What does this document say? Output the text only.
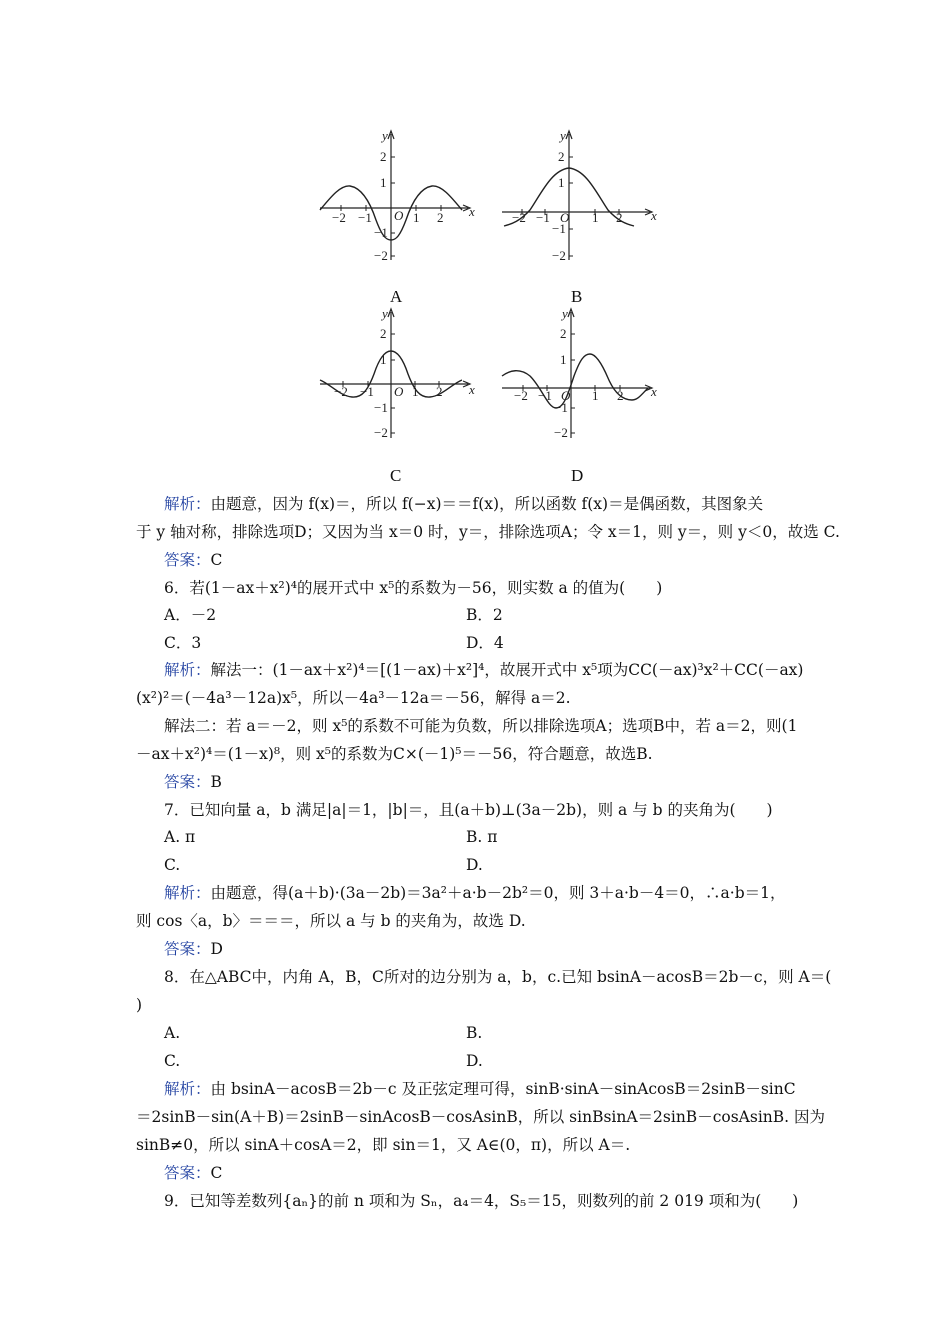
y
x
O
−2 −1	1 2
2
1
−1
−2
A
y
x
O
−2 −1	1 2
2
1
−1
−2
B
y
x
O
−2 −1	1 2
2
1
−1
−2
C
y
x
O
−2 −1	1 2
2
1
−1
−2
D
解析：由题意，因为 f(x)＝，所以 f(−x)＝＝f(x)，所以函数 f(x)＝是偶函数，其图象关
于 y 轴对称，排除选项D；又因为当 x＝0 时，y＝，排除选项A；令 x＝1，则 y＝，则 y＜0，故选 C.
答案：C
6．若(1－ax＋x²)⁴的展开式中 x⁵的系数为－56，则实数 a 的值为(　　)
A．－2	B．2
C．3	D．4
解析：解法一：(1－ax＋x²)⁴＝[(1－ax)＋x²]⁴，故展开式中 x⁵项为CC(－ax)³x²＋CC(－ax)
(x²)²＝(－4a³－12a)x⁵，所以－4a³－12a＝－56，解得 a＝2.
解法二：若 a＝－2，则 x⁵的系数不可能为负数，所以排除选项A；选项B中，若 a＝2，则(1
－ax＋x²)⁴＝(1－x)⁸，则 x⁵的系数为C×(－1)⁵＝－56，符合题意，故选B.
答案：B
7．已知向量 a，b 满足|a|＝1，|b|＝，且(a＋b)⊥(3a－2b)，则 a 与 b 的夹角为(　　)
A. π	B. π
C.	D.
解析：由题意，得(a＋b)·(3a－2b)＝3a²＋a·b－2b²＝0，则 3＋a·b－4＝0，∴a·b＝1，
则 cos〈a，b〉＝＝＝，所以 a 与 b 的夹角为，故选 D.
答案：D
8．在△ABC中，内角 A，B，C所对的边分别为 a，b，c.已知 bsinA－acosB＝2b－c，则 A＝(
)
A.	B.
C.	D.
解析：由 bsinA－acosB＝2b－c 及正弦定理可得，sinB·sinA－sinAcosB＝2sinB－sinC
＝2sinB－sin(A＋B)＝2sinB－sinAcosB－cosAsinB，所以 sinBsinA＝2sinB－cosAsinB. 因为
sinB≠0，所以 sinA＋cosA＝2，即 sin＝1，又 A∈(0，π)，所以 A＝.
答案：C
9．已知等差数列{aₙ}的前 n 项和为 Sₙ，a₄＝4，S₅＝15，则数列的前 2 019 项和为(　　)
